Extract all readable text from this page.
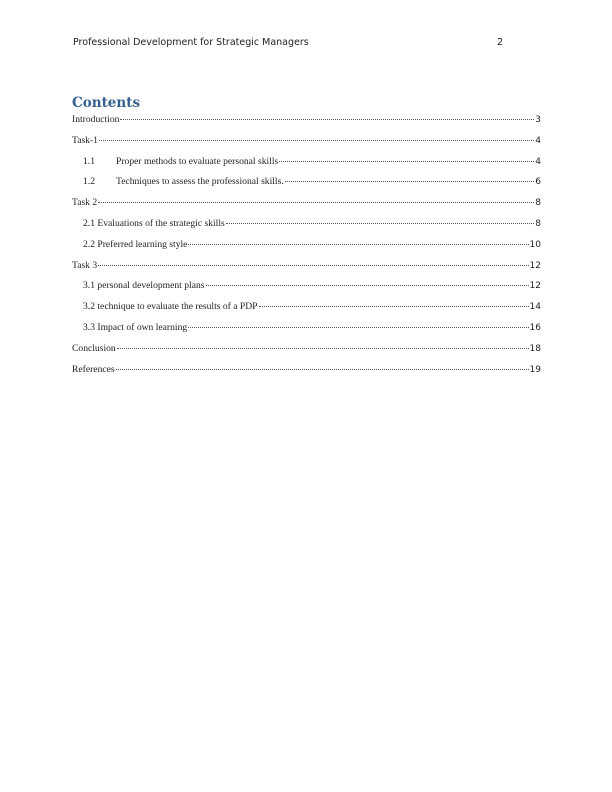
Professional Development for Strategic Managers	2
Contents
Introduction	3
Task-1	4
1.1	Proper methods to evaluate personal skills	4
1.2	Techniques to assess the professional skills.	6
Task 2	8
2.1 Evaluations of the strategic skills	8
2.2 Preferred learning style	10
Task 3	12
3.1 personal development plans	12
3.2 technique to evaluate the results of a PDP	14
3.3 Impact of own learning	16
Conclusion	18
References	19
